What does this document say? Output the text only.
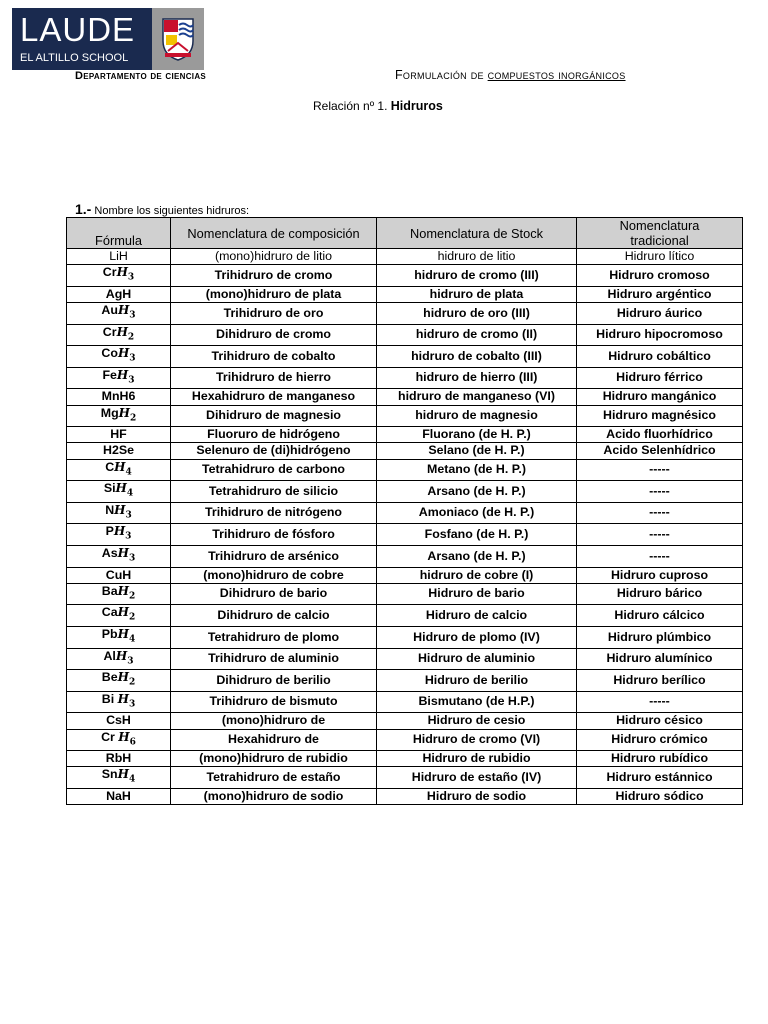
LAUDE
EL ALTILLO SCHOOL
Departamento de ciencias	Formulación de compuestos inorgánicos
Relación nº 1. Hidruros
1.- Nombre los siguientes hidruros:
Fórmula	Nomenclatura de composición	Nomenclatura de Stock	Nomenclatura tradicional
LiH	(mono)hidruro de litio	hidruro de litio	Hidruro lítico
CrH$_3$	Trihidruro de cromo	hidruro de cromo (III)	Hidruro cromoso
AgH	(mono)hidruro de plata	hidruro de plata	Hidruro argéntico
AuH$_3$	Trihidruro de oro	hidruro de oro (III)	Hidruro áurico
CrH$_2$	Dihidruro de cromo	hidruro de cromo (II)	Hidruro hipocromoso
CoH$_3$	Trihidruro de cobalto	hidruro de cobalto (III)	Hidruro cobáltico
FeH$_3$	Trihidruro de hierro	hidruro de hierro (III)	Hidruro férrico
MnH6	Hexahidruro de manganeso	hidruro de manganeso (VI)	Hidruro mangánico
MgH$_2$	Dihidruro de magnesio	hidruro de magnesio	Hidruro magnésico
HF	Fluoruro de hidrógeno	Fluorano (de H. P.)	Acido fluorhídrico
H2Se	Selenuro de (di)hidrógeno	Selano (de H. P.)	Acido Selenhídrico
$CH_4$	Tetrahidruro de carbono	Metano (de H. P.)	-----
SiH$_4$	Tetrahidruro de silicio	Arsano (de H. P.)	-----
$NH_3$	Trihidruro de nitrógeno	Amoniaco (de H. P.)	-----
$PH_3$	Trihidruro de fósforo	Fosfano (de H. P.)	-----
AsH$_3$	Trihidruro de arsénico	Arsano (de H. P.)	-----
CuH	(mono)hidruro de cobre	hidruro de cobre (I)	Hidruro cuproso
BaH$_2$	Dihidruro de bario	Hidruro de bario	Hidruro bárico
CaH$_2$	Dihidruro de calcio	Hidruro de calcio	Hidruro cálcico
PbH$_4$	Tetrahidruro de plomo	Hidruro de plomo (IV)	Hidruro plúmbico
AlH$_3$	Trihidruro de aluminio	Hidruro de aluminio	Hidruro alumínico
BeH$_2$	Dihidruro de berilio	Hidruro de berilio	Hidruro berílico
Bi $H_3$	Trihidruro de bismuto	Bismutano (de H.P.)	-----
CsH	(mono)hidruro de	Hidruro de cesio	Hidruro césico
Cr $H_6$	Hexahidruro de	Hidruro de cromo (VI)	Hidruro crómico
RbH	(mono)hidruro de rubidio	Hidruro de rubidio	Hidruro rubídico
SnH$_4$	Tetrahidruro de estaño	Hidruro de estaño (IV)	Hidruro estánnico
NaH	(mono)hidruro de sodio	Hidruro de sodio	Hidruro sódico
